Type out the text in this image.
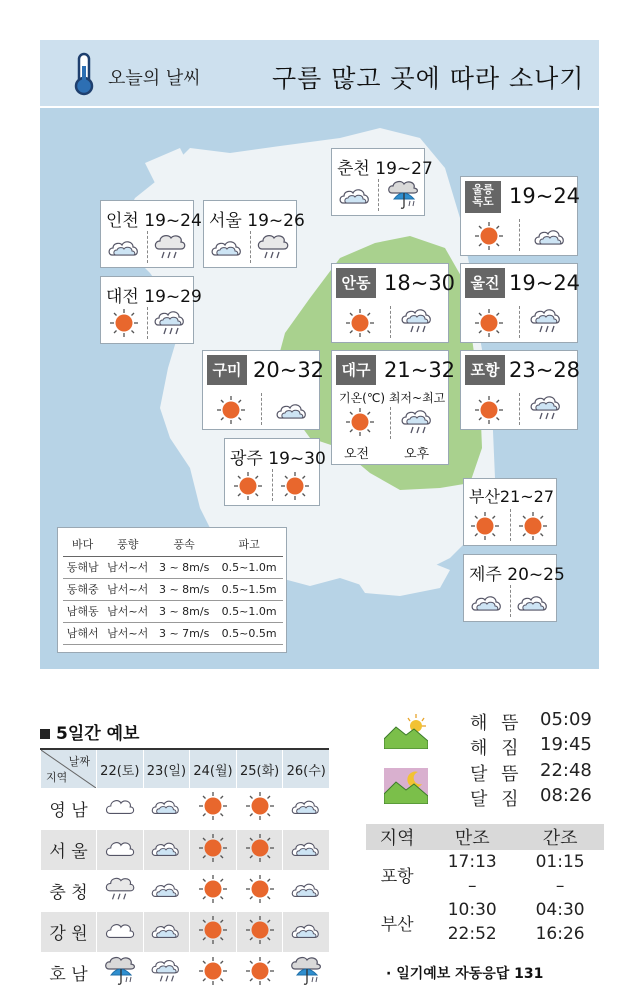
오늘의 날씨	구름 많고 곳에 따라 소나기
춘천 19~27
인천 19~24 서울 19~26
대전 19~29
울릉
독도 19~24
안동 18~30	울진 19~24
구미 20~32	대구 21~32
기온(℃) 최저~최고
오전	오후
포항 23~28
광주 19~30
부산21~27
제주 20~25
바다	풍향	풍속	파고
동해남	남서~서	3 ~ 8m/s	0.5~1.0m
동해중	남서~서	3 ~ 8m/s	0.5~1.5m
남해동	남서~서	3 ~ 8m/s	0.5~1.0m
남해서	남서~서	3 ~ 7m/s	0.5~0.5m
5일간 예보
날짜
지역	22(토)	23(일)	24(월)	25(화)	26(수)
영 남					
서 울					
충 청					
강 원					
호 남					
해 뜸 05:09
해 짐 19:45
달 뜸 22:48
달 짐 08:26
지역	만조	간조
포항	17:13	01:15
	–	–
부산	10:30	04:30
	22:52	16:26
· 일기예보 자동응답 131
